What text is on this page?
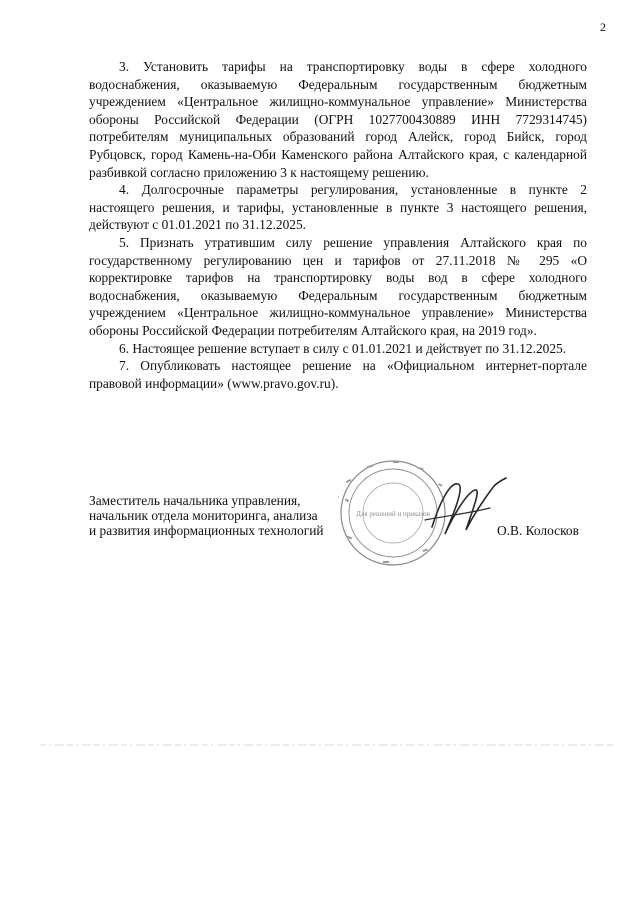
2

3. Установить тарифы на транспортировку воды в сфере холодного водоснабжения, оказываемую Федеральным государственным бюджетным учреждением «Центральное жилищно-коммунальное управление» Министерства обороны Российской Федерации (ОГРН 1027700430889 ИНН 7729314745) потребителям муниципальных образований город Алейск, город Бийск, город Рубцовск, город Камень-на-Оби Каменского района Алтайского края, с календарной разбивкой согласно приложению 3 к настоящему решению.

4. Долгосрочные параметры регулирования, установленные в пункте 2 настоящего решения, и тарифы, установленные в пункте 3 настоящего решения, действуют с 01.01.2021 по 31.12.2025.

5. Признать утратившим силу решение управления Алтайского края по государственному регулированию цен и тарифов от 27.11.2018 № 295 «О корректировке тарифов на транспортировку воды вод в сфере холодного водоснабжения, оказываемую Федеральным государственным бюджетным учреждением «Центральное жилищно-коммунальное управление» Министерства обороны Российской Федерации потребителям Алтайского края, на 2019 год».

6. Настоящее решение вступает в силу с 01.01.2021 и действует по 31.12.2025.

7. Опубликовать настоящее решение на «Официальном интернет-портале правовой информации» (www.pravo.gov.ru).

Заместитель начальника управления,
начальник отдела мониторинга, анализа
и развития информационных технологий
Для решений и приказов
О.В. Колосков
